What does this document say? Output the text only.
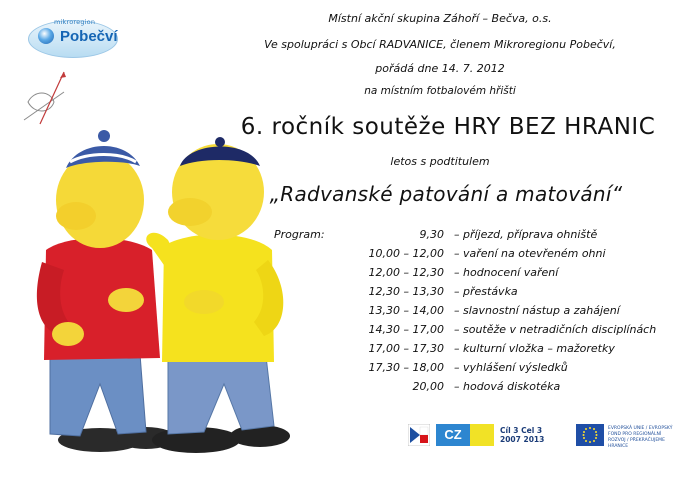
mikroregion
Pobečví
Místní akční skupina Záhoří – Bečva, o.s.
Ve spolupráci s Obcí RADVANICE, členem Mikroregionu Pobečví,
pořádá dne 14. 7. 2012
na místním fotbalovém hřišti
6. ročník soutěže HRY BEZ HRANIC
letos s podtitulem
„Radvanské patování a matování“
Program:	9,30 – příjezd, příprava ohniště
10,00 – 12,00 – vaření na otevřeném ohni
12,00 – 12,30 – hodnocení vaření
12,30 – 13,30 – přestávka
13,30 – 14,00 – slavnostní nástup a zahájení
14,30 – 17,00 – soutěže v netradičních disciplínách
17,00 – 17,30 – kulturní vložka – mažoretky
17,30 – 18,00 – vyhlášení výsledků
20,00 – hodová diskotéka
CZ	Cíl 3 Cel 3
2007 2013
EVROPSKÁ UNIE / EVROPSKÝ FOND PRO REGIONÁLNÍ ROZVOJ / PŘEKRAČUJEME HRANICE
